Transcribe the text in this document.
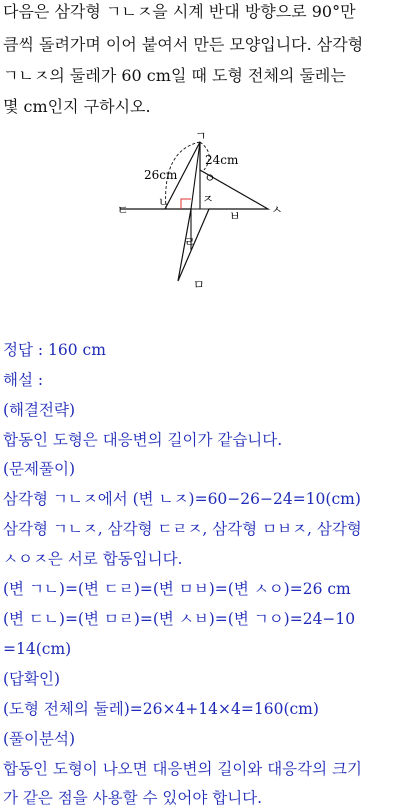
다음은 삼각형 ㄱㄴㅈ을 시계 반대 방향으로 90°만
큼씩 돌려가며 이어 붙여서 만든 모양입니다. 삼각형
ㄱㄴㅈ의 둘레가 60 cm일 때 도형 전체의 둘레는
몇 cm인지 구하시오.
ㄱ
ㄴ
ㄷ
ㅇ
ㅈ
ㅂ	ㅅ
ㄹ
ㅁ
26cm
24cm
정답 : 160 cm
해설 :
(해결전략)
합동인 도형은 대응변의 길이가 같습니다.
(문제풀이)
삼각형 ㄱㄴㅈ에서 (변 ㄴㅈ)=60−26−24=10(cm)
삼각형 ㄱㄴㅈ, 삼각형 ㄷㄹㅈ, 삼각형 ㅁㅂㅈ, 삼각형
ㅅㅇㅈ은 서로 합동입니다.
(변 ㄱㄴ)=(변 ㄷㄹ)=(변 ㅁㅂ)=(변 ㅅㅇ)=26 cm
(변 ㄷㄴ)=(변 ㅁㄹ)=(변 ㅅㅂ)=(변 ㄱㅇ)=24−10
=14(cm)
(답확인)
(도형 전체의 둘레)=26×4+14×4=160(cm)
(풀이분석)
합동인 도형이 나오면 대응변의 길이와 대응각의 크기
가 같은 점을 사용할 수 있어야 합니다.
